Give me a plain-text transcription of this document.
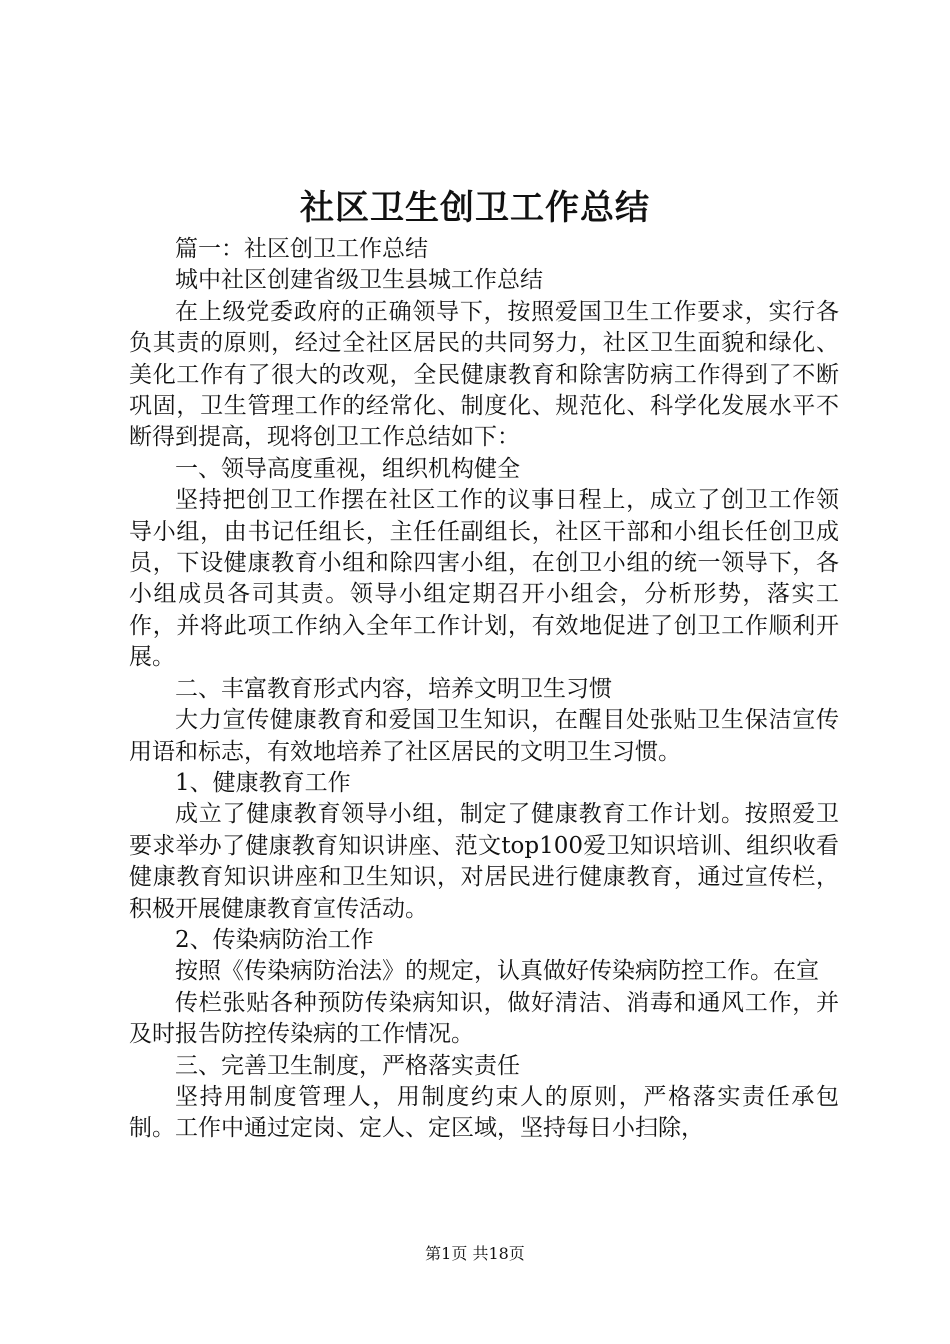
社区卫生创卫工作总结

篇一：社区创卫工作总结

城中社区创建省级卫生县城工作总结

在上级党委政府的正确领导下，按照爱国卫生工作要求，实行各负其责的原则，经过全社区居民的共同努力，社区卫生面貌和绿化、美化工作有了很大的改观，全民健康教育和除害防病工作得到了不断巩固，卫生管理工作的经常化、制度化、规范化、科学化发展水平不断得到提高，现将创卫工作总结如下：

一、领导高度重视，组织机构健全

坚持把创卫工作摆在社区工作的议事日程上，成立了创卫工作领导小组，由书记任组长，主任任副组长，社区干部和小组长任创卫成员，下设健康教育小组和除四害小组，在创卫小组的统一领导下，各小组成员各司其责。领导小组定期召开小组会，分析形势，落实工作，并将此项工作纳入全年工作计划，有效地促进了创卫工作顺利开展。

二、丰富教育形式内容，培养文明卫生习惯

大力宣传健康教育和爱国卫生知识，在醒目处张贴卫生保洁宣传用语和标志，有效地培养了社区居民的文明卫生习惯。

1、健康教育工作

成立了健康教育领导小组，制定了健康教育工作计划。按照爱卫要求举办了健康教育知识讲座、范文top100爱卫知识培训、组织收看健康教育知识讲座和卫生知识，对居民进行健康教育，通过宣传栏，积极开展健康教育宣传活动。

2、传染病防治工作

按照《传染病防治法》的规定，认真做好传染病防控工作。在宣

传栏张贴各种预防传染病知识，做好清洁、消毒和通风工作，并及时报告防控传染病的工作情况。

三、完善卫生制度，严格落实责任

坚持用制度管理人，用制度约束人的原则，严格落实责任承包制。工作中通过定岗、定人、定区域，坚持每日小扫除，

第1页 共18页
